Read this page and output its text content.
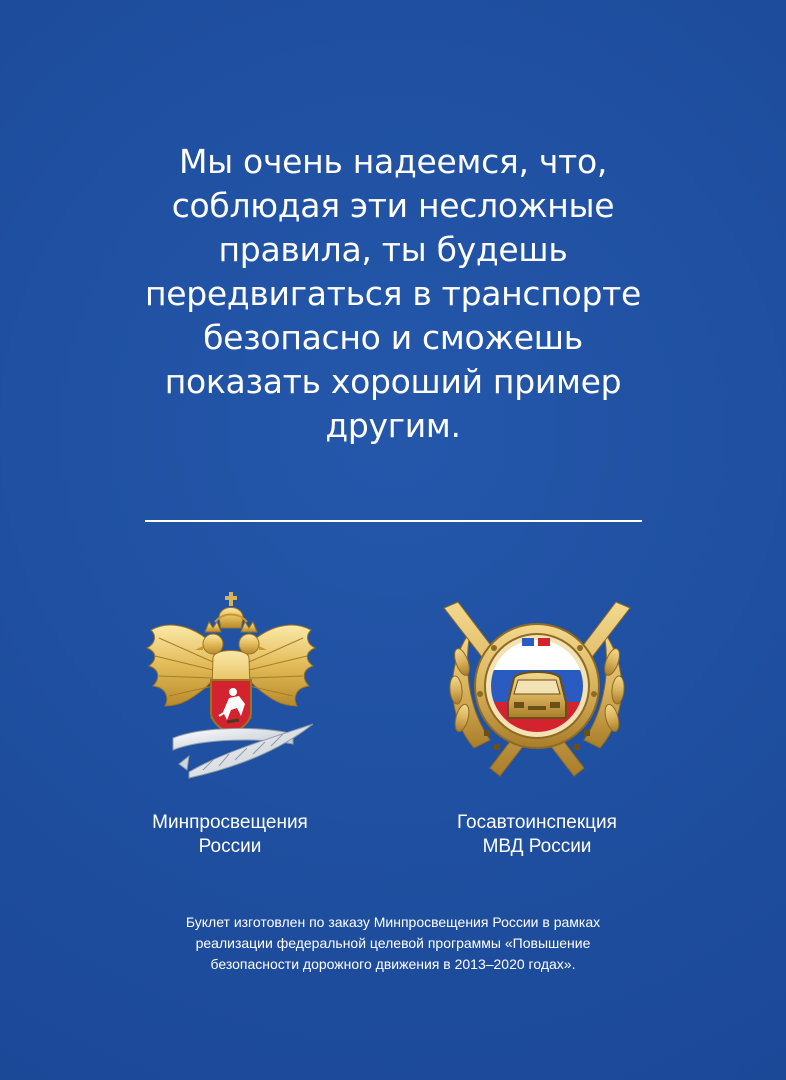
Мы очень надеемся, что,
соблюдая эти несложные
правила, ты будешь
передвигаться в транспорте
безопасно и сможешь
показать хороший пример
другим.
Минпросвещения
России
Госавтоинспекция
МВД России
Буклет изготовлен по заказу Минпросвещения России в рамках
реализации федеральной целевой программы «Повышение
безопасности дорожного движения в 2013–2020 годах».
